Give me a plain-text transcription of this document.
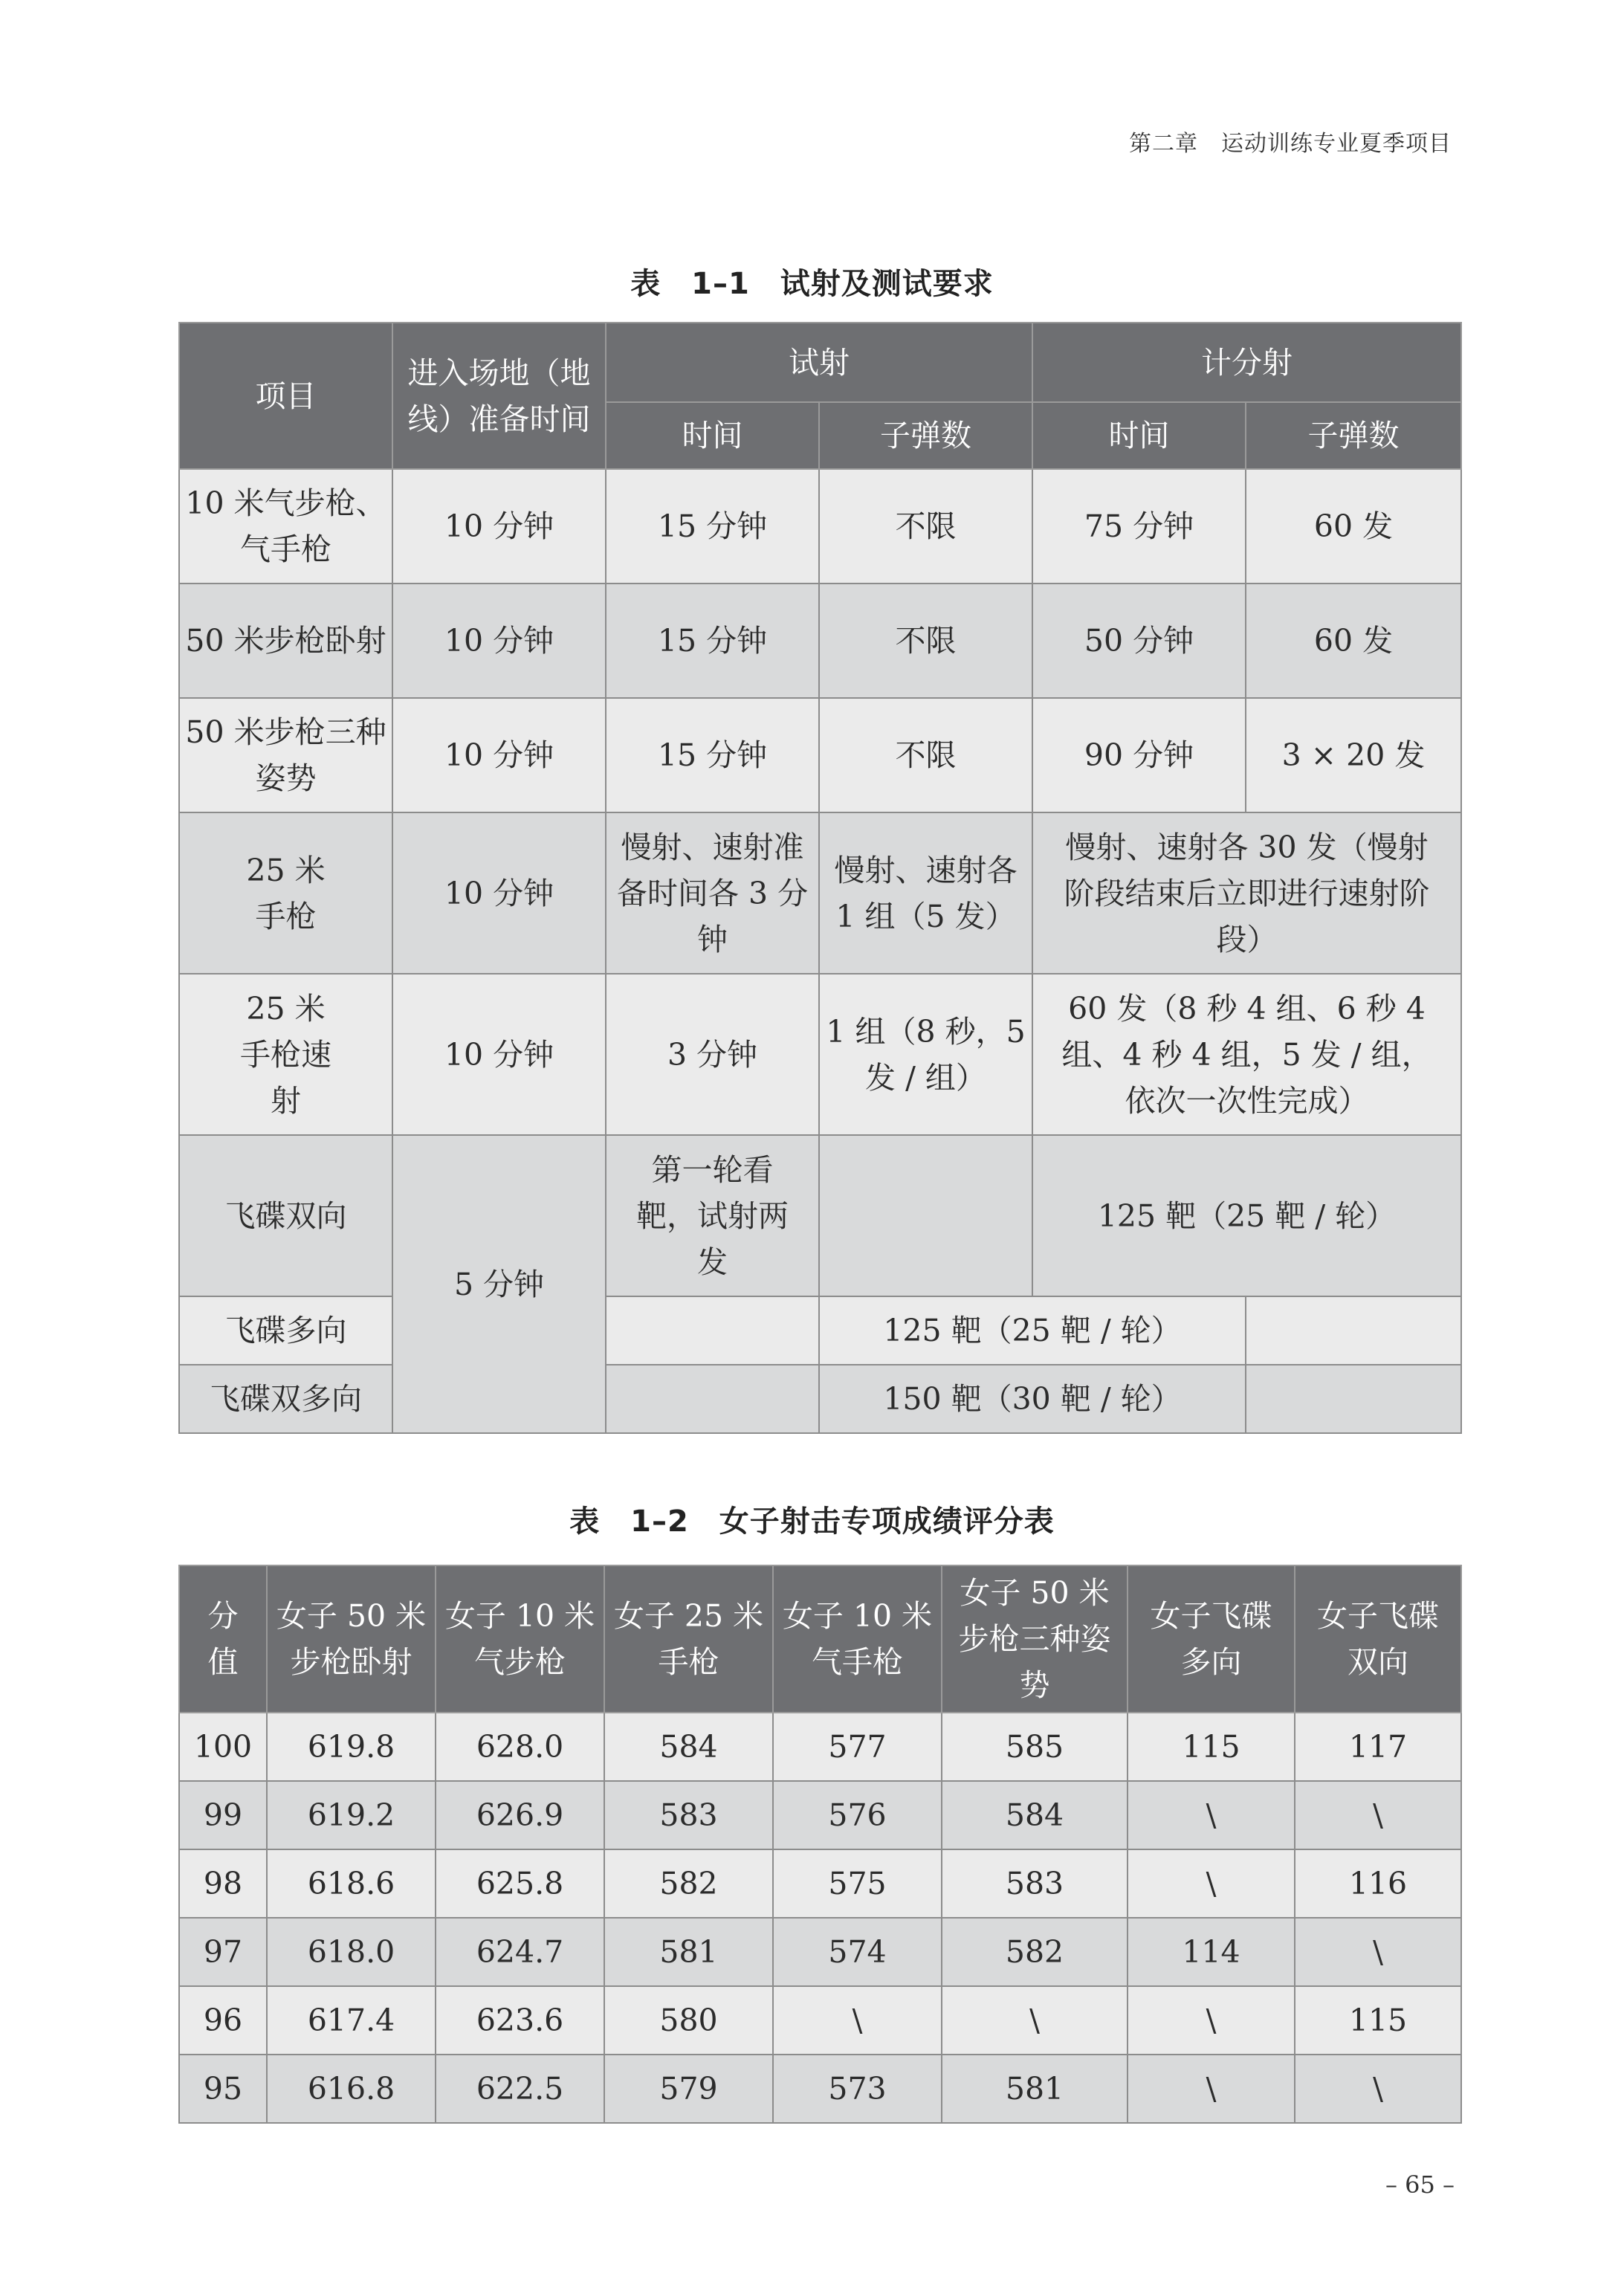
第二章　运动训练专业夏季项目
表 1–1　试射及测试要求
项目	进入场地（地线）准备时间	试射		计分射	
		时间	子弹数	时间	子弹数
10 米气步枪、气手枪	10 分钟	15 分钟	不限	75 分钟	60 发
50 米步枪卧射	10 分钟	15 分钟	不限	50 分钟	60 发
50 米步枪三种姿势	10 分钟	15 分钟	不限	90 分钟	3 × 20 发
25 米手枪	10 分钟	慢射、速射准备时间各 3 分钟	慢射、速射各 1 组（5 发）	慢射、速射各 30 发（慢射阶段结束后立即进行速射阶段）	
25 米手枪速射	10 分钟	3 分钟	1 组（8 秒，5 发 / 组）	60 发（8 秒 4 组、6 秒 4 组、4 秒 4 组，5 发 / 组，依次一次性完成）	
飞碟双向	5 分钟	第一轮看靶，试射两发		125 靶（25 靶 / 轮）	
飞碟多向			125 靶（25 靶 / 轮）		
飞碟双多向			150 靶（30 靶 / 轮）		
表 1–2　女子射击专项成绩评分表
分值	女子 50 米步枪卧射	女子 10 米气步枪	女子 25 米手枪	女子 10 米气手枪	女子 50 米步枪三种姿势	女子飞碟多向	女子飞碟双向
100	619.8	628.0	584	577	585	115	117
99	619.2	626.9	583	576	584	\	\
98	618.6	625.8	582	575	583	\	116
97	618.0	624.7	581	574	582	114	\
96	617.4	623.6	580	\	\	\	115
95	616.8	622.5	579	573	581	\	\
– 65 –
